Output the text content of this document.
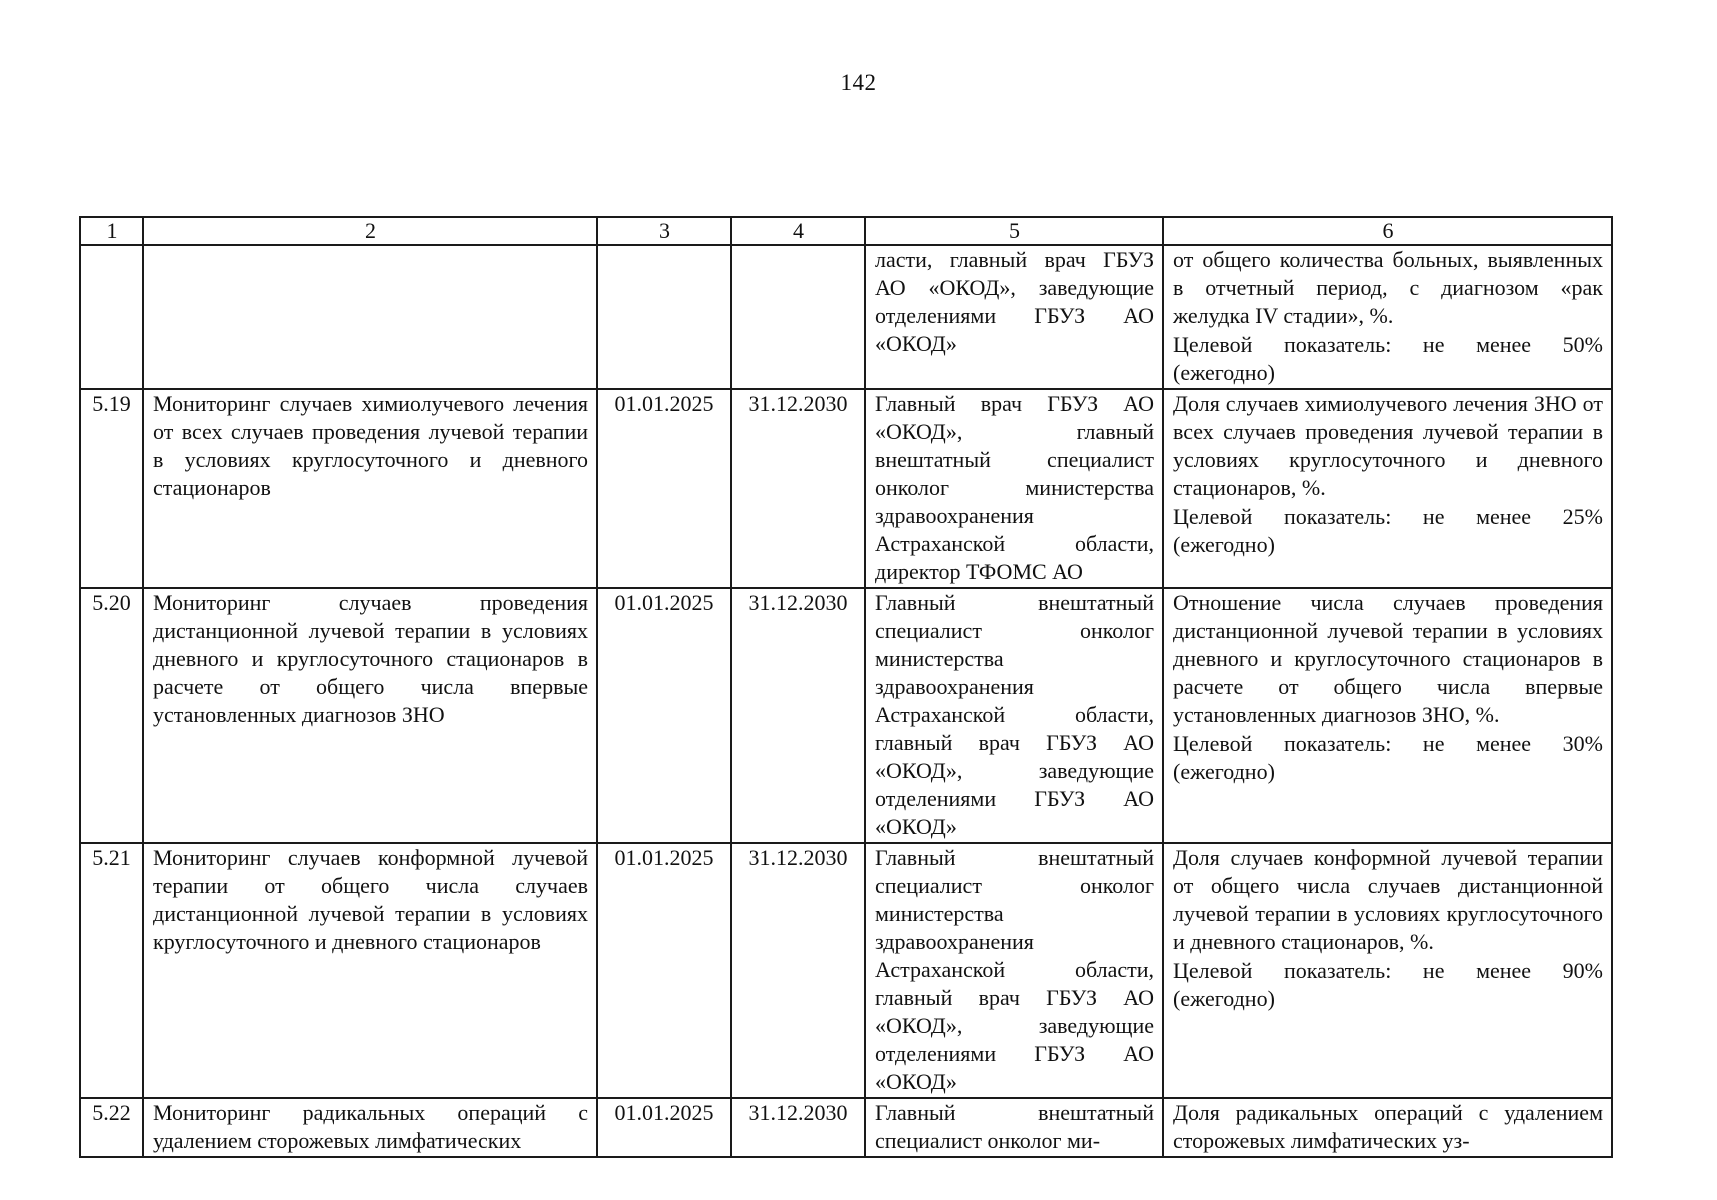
142
1	2	3	4	5	6
				ласти, главный врач ГБУЗ АО «ОКОД», заведующие отделениями ГБУЗ АО «ОКОД»	от общего количества больных, выявленных в отчетный период, с диагнозом «рак желудка IV стадии», %.
Целевой показатель: не менее 50% (ежегодно)

5.19	Мониторинг случаев химиолучевого лечения от всех случаев проведения лучевой терапии в условиях круглосуточного и дневного стационаров	01.01.2025	31.12.2030	Главный врач ГБУЗ АО «ОКОД», главный внештатный специалист онколог министерства здравоохранения Астраханской области, директор ТФОМС АО	Доля случаев химиолучевого лечения ЗНО от всех случаев проведения лучевой терапии в условиях круглосуточного и дневного стационаров, %.
Целевой показатель: не менее 25% (ежегодно)

5.20	Мониторинг случаев проведения дистанционной лучевой терапии в условиях дневного и круглосуточного стационаров в расчете от общего числа впервые установленных диагнозов ЗНО	01.01.2025	31.12.2030	Главный внештатный специалист онколог министерства здравоохранения Астраханской области, главный врач ГБУЗ АО «ОКОД», заведующие отделениями ГБУЗ АО «ОКОД»	Отношение числа случаев проведения дистанционной лучевой терапии в условиях дневного и круглосуточного стационаров в расчете от общего числа впервые установленных диагнозов ЗНО, %.
Целевой показатель: не менее 30% (ежегодно)

5.21	Мониторинг случаев конформной лучевой терапии от общего числа случаев дистанционной лучевой терапии в условиях круглосуточного и дневного стационаров	01.01.2025	31.12.2030	Главный внештатный специалист онколог министерства здравоохранения Астраханской области, главный врач ГБУЗ АО «ОКОД», заведующие отделениями ГБУЗ АО «ОКОД»	Доля случаев конформной лучевой терапии от общего числа случаев дистанционной лучевой терапии в условиях круглосуточного и дневного стационаров, %.
Целевой показатель: не менее 90% (ежегодно)

5.22	Мониторинг радикальных операций с удалением сторожевых лимфатических	01.01.2025	31.12.2030	Главный внештатный специалист онколог ми-	Доля радикальных операций с удалением сторожевых лимфатических уз-
